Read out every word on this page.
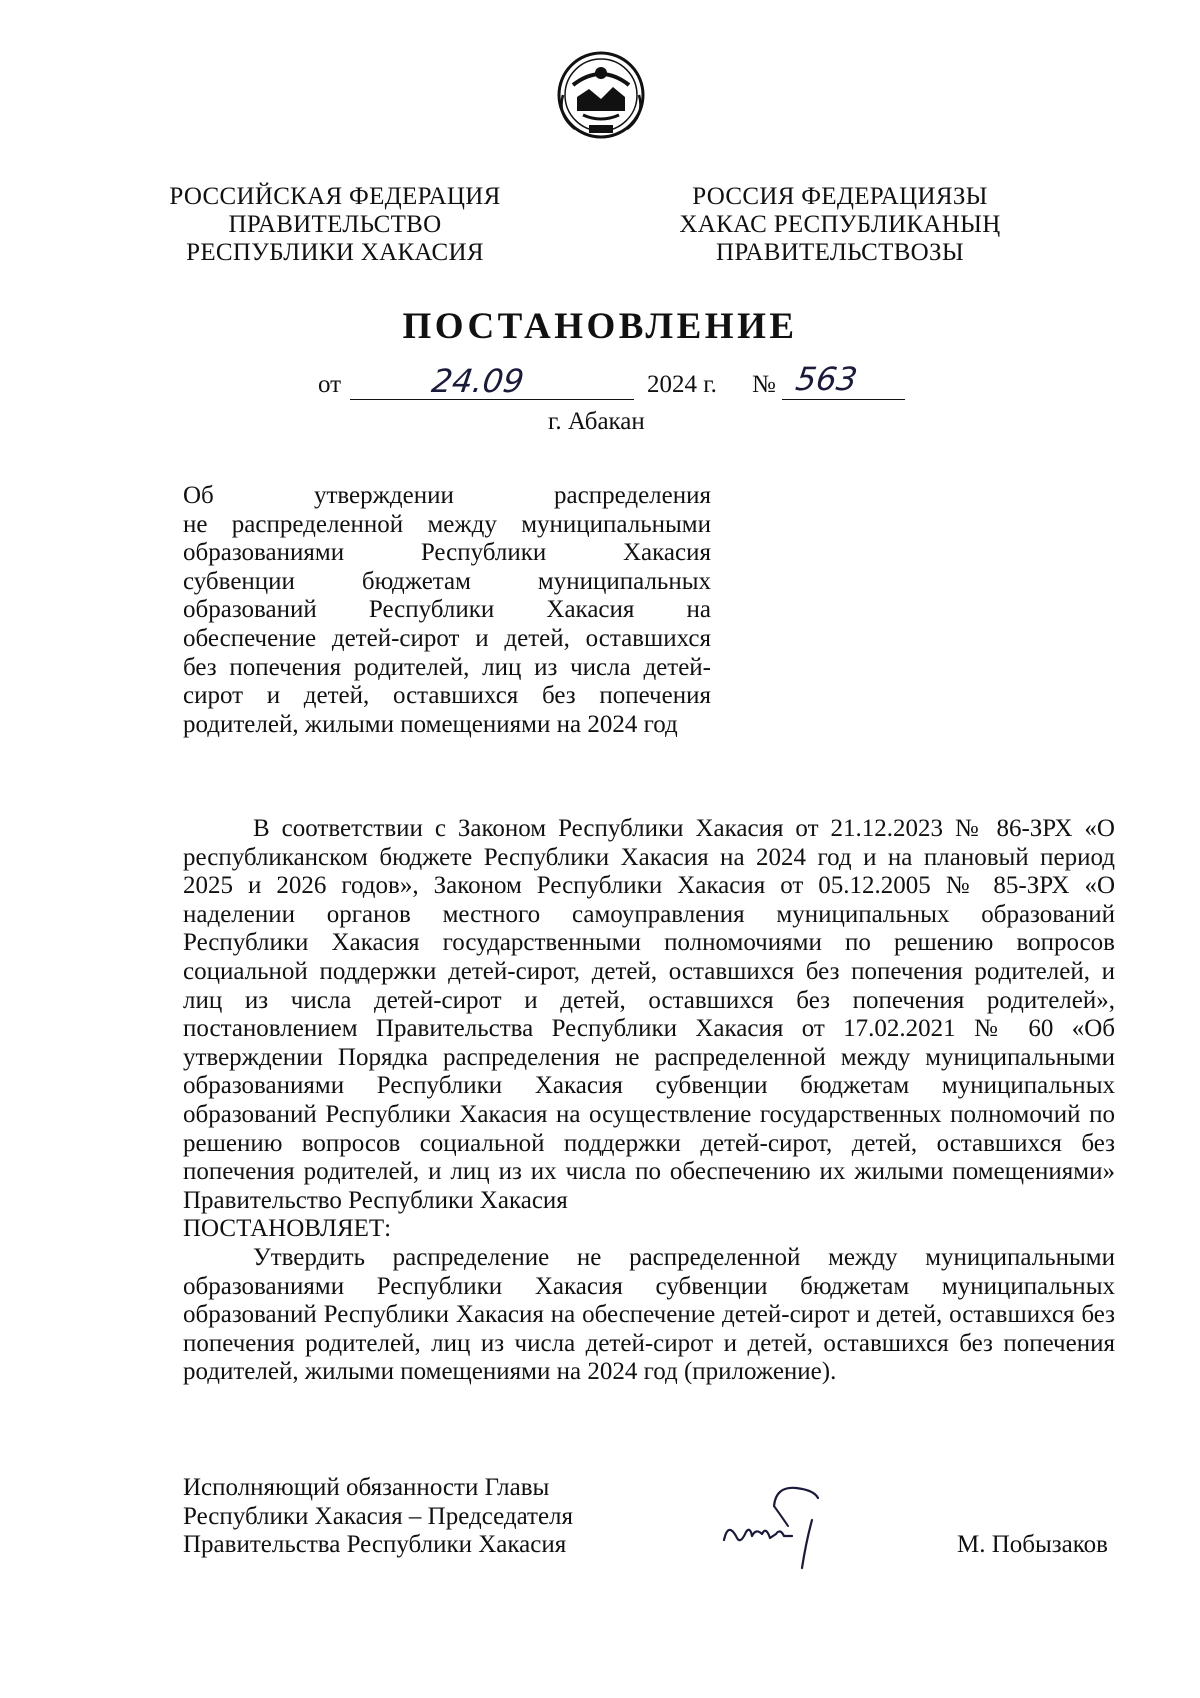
РОССИЙСКАЯ ФЕДЕРАЦИЯ
ПРАВИТЕЛЬСТВО
РЕСПУБЛИКИ ХАКАСИЯ
РОССИЯ ФЕДЕРАЦИЯЗЫ
ХАКАС РЕСПУБЛИКАНЫҢ
ПРАВИТЕЛЬСТВОЗЫ
ПОСТАНОВЛЕНИЕ
от	24.09	2024 г. № 563
г. Абакан
Об утверждении распределения
не распределенной между муниципальными
образованиями Республики Хакасия
субвенции бюджетам муниципальных
образований Республики Хакасия на
обеспечение детей-сирот и детей, оставшихся
без попечения родителей, лиц из числа детей-
сирот и детей, оставшихся без попечения
родителей, жилыми помещениями на 2024 год

В соответствии с Законом Республики Хакасия от 21.12.2023 № 86-ЗРХ «О республиканском бюджете Республики Хакасия на 2024 год и на плановый период 2025 и 2026 годов», Законом Республики Хакасия от 05.12.2005 № 85-ЗРХ «О наделении органов местного самоуправления муниципальных образований Республики Хакасия государственными полномочиями по решению вопросов социальной поддержки детей-сирот, детей, оставшихся без попечения родителей, и лиц из числа детей-сирот и детей, оставшихся без попечения родителей», постановлением Правительства Республики Хакасия от 17.02.2021 № 60 «Об утверждении Порядка распределения не распределенной между муниципальными образованиями Республики Хакасия субвенции бюджетам муниципальных образований Республики Хакасия на осуществление государственных полномочий по решению вопросов социальной поддержки детей-сирот, детей, оставшихся без попечения родителей, и лиц из их числа по обеспечению их жилыми помещениями» Правительство Республики Хакасия

ПОСТАНОВЛЯЕТ:

Утвердить распределение не распределенной между муниципальными образованиями Республики Хакасия субвенции бюджетам муниципальных образований Республики Хакасия на обеспечение детей-сирот и детей, оставшихся без попечения родителей, лиц из числа детей-сирот и детей, оставшихся без попечения родителей, жилыми помещениями на 2024 год (приложение).

Исполняющий обязанности Главы
Республики Хакасия – Председателя
Правительства Республики Хакасия	М. Побызаков
